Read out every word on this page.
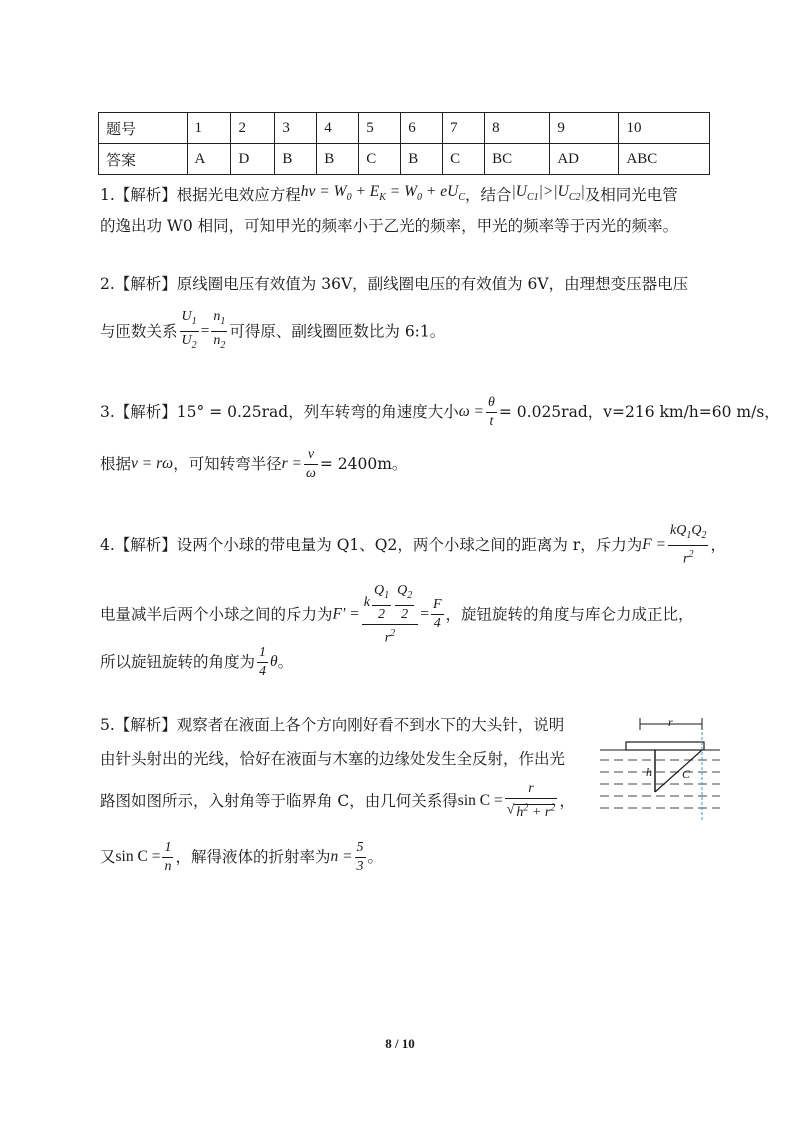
题号	1	2	3	4	5	6	7	8	9	10
答案	A	D	B	B	C	B	C	BC	AD	ABC
1.【解析】根据光电效应方程$h\nu = W_0 + E_K = W_0 + eU_C$，结合$|U_{C1}|>|U_{C2}|$及相同光电管
的逸出功 W0 相同，可知甲光的频率小于乙光的频率，甲光的频率等于丙光的频率。
2.【解析】原线圈电压有效值为 36V，副线圈电压的有效值为 6V，由理想变压器电压
与匝数关系 $\frac{U_1}{U_2} = \frac{n_1}{n_2}$ 可得原、副线圈匝数比为 6:1。
3.【解析】15° = 0.25rad，列车转弯的角速度大小$\omega = \frac{\theta}{t} = 0.025rad$，v=216 km/h=60 m/s，
根据v = rω，可知转弯半径$r = \frac{v}{\omega} = 2400m$。
4.【解析】设两个小球的带电量为 Q1、Q2，两个小球之间的距离为 r，斥力为$F = \frac{kQ_1Q_2}{r^2}$ ，
电量减半后两个小球之间的斥力为$F' = \frac{k \frac{Q_1}{2} \frac{Q_2}{2}}{r^2} = \frac{F}{4}$ ，旋钮旋转的角度与库仑力成正比，
所以旋钮旋转的角度为 $\frac{1}{4}$ θ。
5.【解析】观察者在液面上各个方向刚好看不到水下的大头针，说明
由针头射出的光线，恰好在液面与木塞的边缘处发生全反射，作出光
路图如图所示，入射角等于临界角 C，由几何关系得$\sin C = \frac{r}{√ h^2 + r^2}$ ，
又$\sin C = \frac{1}{n}$ ，解得液体的折射率为$n = \frac{5}{3}$ 。
r
h	C
8 / 10
